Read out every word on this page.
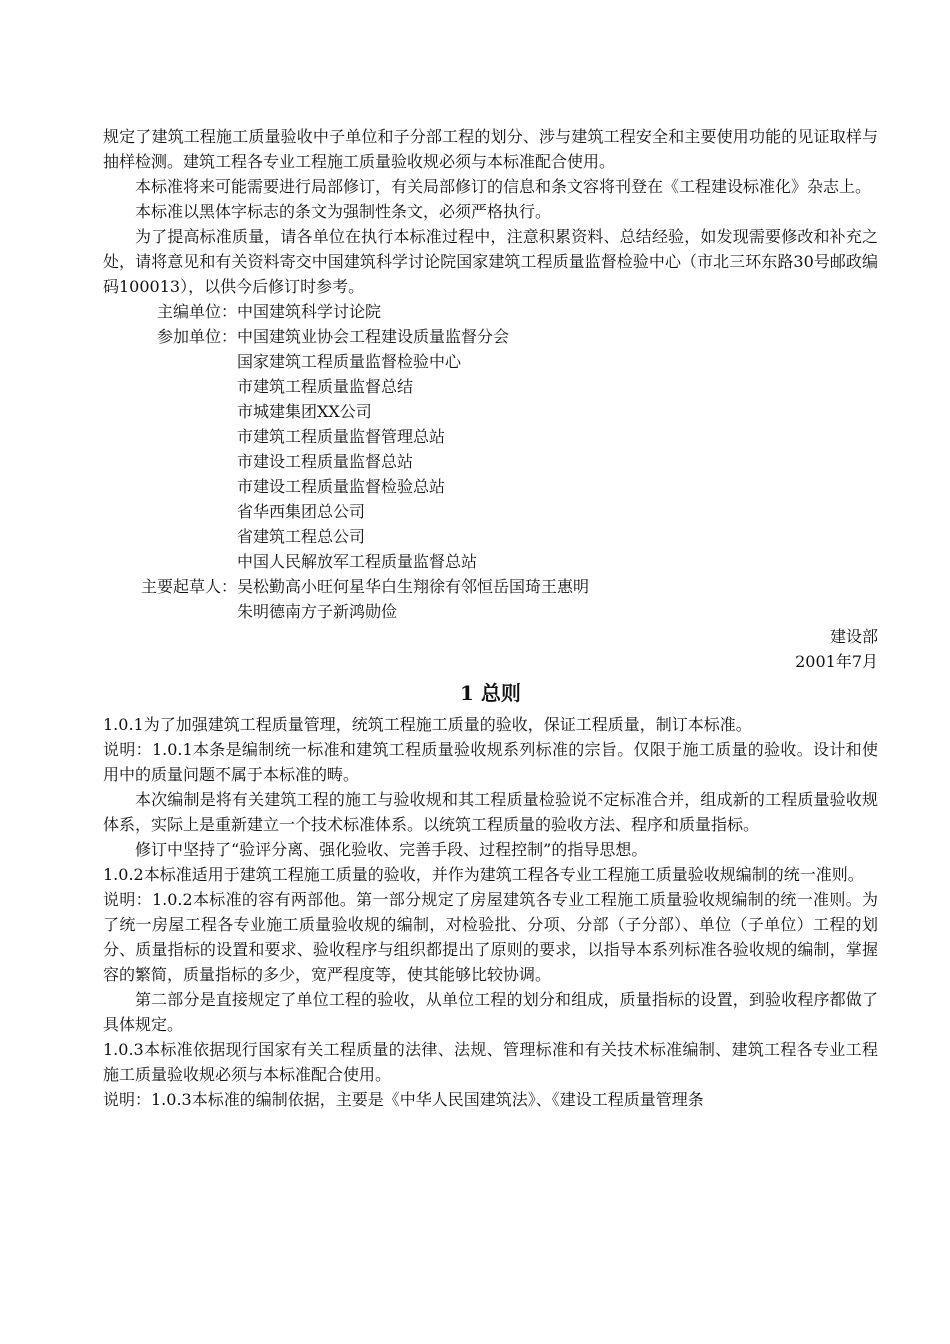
规定了建筑工程施工质量验收中子单位和子分部工程的划分、涉与建筑工程安全和主要使用功能的见证取样与抽样检测。建筑工程各专业工程施工质量验收规必须与本标准配合使用。

本标准将来可能需要进行局部修订，有关局部修订的信息和条文容将刊登在《工程建设标准化》杂志上。

本标准以黑体字标志的条文为强制性条文，必须严格执行。

为了提高标准质量，请各单位在执行本标准过程中，注意积累资料、总结经验，如发现需要修改和补充之处，请将意见和有关资料寄交中国建筑科学讨论院国家建筑工程质量监督检验中心（市北三环东路30号邮政编码100013），以供今后修订时参考。

主编单位： 中国建筑科学讨论院
参加单位： 中国建筑业协会工程建设质量监督分会
国家建筑工程质量监督检验中心
市建筑工程质量监督总结
市城建集团XX公司
市建筑工程质量监督管理总站
市建设工程质量监督总站
市建设工程质量监督检验总站
省华西集团总公司
省建筑工程总公司
中国人民解放军工程质量监督总站
主要起草人： 吴松勤高小旺何星华白生翔徐有邻恒岳国琦王惠明
朱明德南方子新鸿勋俭
建设部
2001年7月
1 总则

1.0.1为了加强建筑工程质量管理，统筑工程施工质量的验收，保证工程质量，制订本标准。

说明：1.0.1本条是编制统一标准和建筑工程质量验收规系列标准的宗旨。仅限于施工质量的验收。设计和使用中的质量问题不属于本标准的畴。

本次编制是将有关建筑工程的施工与验收规和其工程质量检验说不定标准合并，组成新的工程质量验收规体系，实际上是重新建立一个技术标准体系。以统筑工程质量的验收方法、程序和质量指标。

修订中坚持了“验评分离、强化验收、完善手段、过程控制”的指导思想。

1.0.2本标准适用于建筑工程施工质量的验收，并作为建筑工程各专业工程施工质量验收规编制的统一准则。

说明：1.0.2本标准的容有两部他。第一部分规定了房屋建筑各专业工程施工质量验收规编制的统一准则。为了统一房屋工程各专业施工质量验收规的编制，对检验批、分项、分部（子分部）、单位（子单位）工程的划分、质量指标的设置和要求、验收程序与组织都提出了原则的要求，以指导本系列标准各验收规的编制，掌握容的繁简，质量指标的多少，宽严程度等，使其能够比较协调。

第二部分是直接规定了单位工程的验收，从单位工程的划分和组成，质量指标的设置，到验收程序都做了具体规定。

1.0.3本标准依据现行国家有关工程质量的法律、法规、管理标准和有关技术标准编制、建筑工程各专业工程施工质量验收规必须与本标准配合使用。

说明：1.0.3本标准的编制依据，主要是《中华人民国建筑法》、《建设工程质量管理条
